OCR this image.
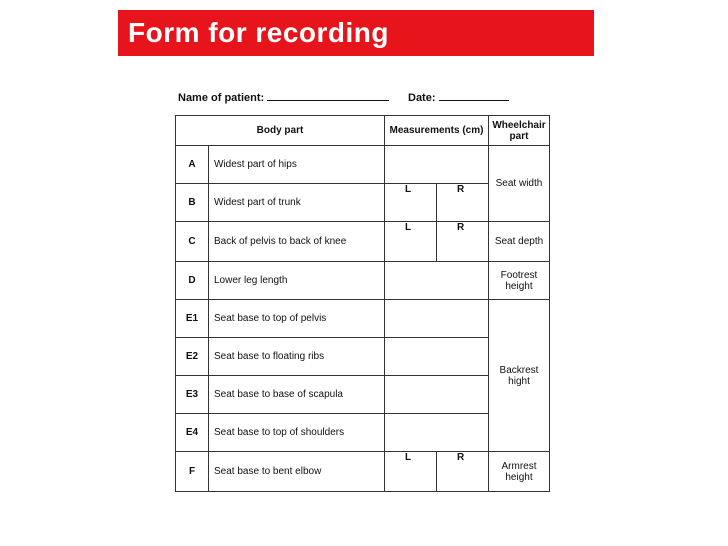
Form for recording measurements
Name of patient:	Date:
Body part		Measurements (cm)		Wheelchair part
A	Widest part of hips			Seat width
B	Widest part of trunk	L	R	
C	Back of pelvis to back of knee	L	R	Seat depth
D	Lower leg length			Footrest height
E1	Seat base to top of pelvis			Backrest hight
E2	Seat base to floating ribs			
E3	Seat base to base of scapula			
E4	Seat base to top of shoulders			
F	Seat base to bent elbow	L	R	Armrest height
